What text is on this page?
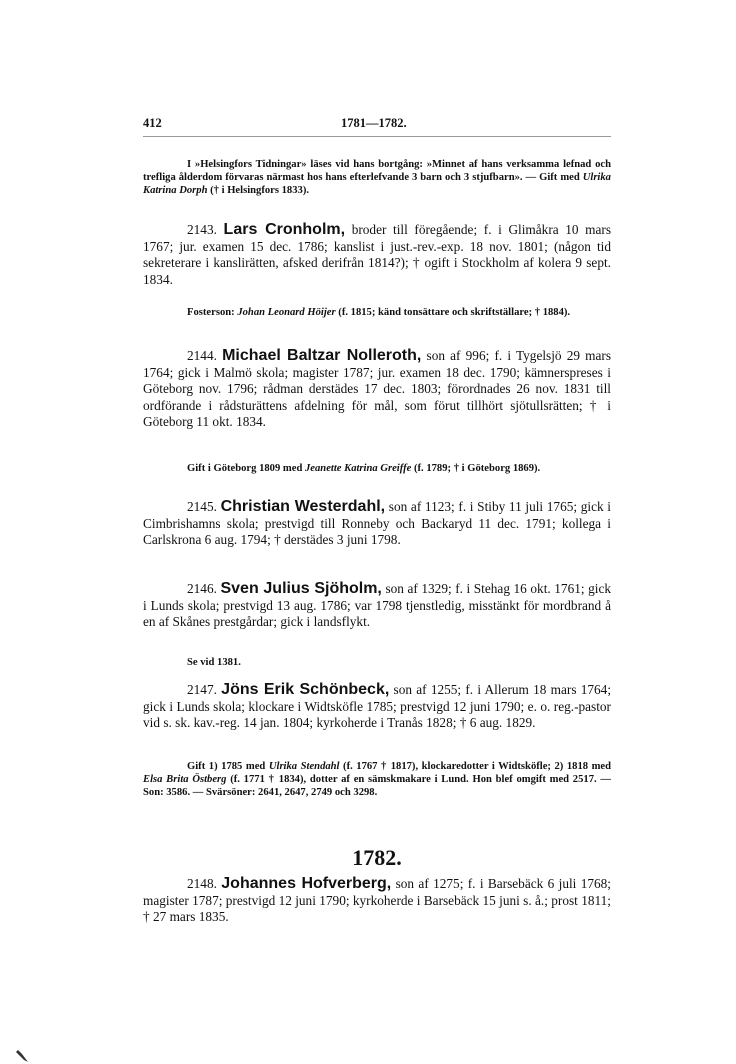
412	1781—1782.
I »Helsingfors Tidningar» läses vid hans bortgång: »Minnet af hans verksamma lefnad och trefliga ålderdom förvaras närmast hos hans efterlefvande 3 barn och 3 stjufbarn». — Gift med Ulrika Katrina Dorph († i Helsingfors 1833).
2143. Lars Cronholm, broder till föregående; f. i Glimåkra 10 mars 1767; jur. examen 15 dec. 1786; kanslist i just.-rev.-exp. 18 nov. 1801; (någon tid sekreterare i kanslirätten, afsked derifrån 1814?); † ogift i Stockholm af kolera 9 sept. 1834.
Fosterson: Johan Leonard Höijer (f. 1815; känd tonsättare och skriftställare; † 1884).
2144. Michael Baltzar Nolleroth, son af 996; f. i Tygelsjö 29 mars 1764; gick i Malmö skola; magister 1787; jur. examen 18 dec. 1790; kämnerspreses i Göteborg nov. 1796; rådman derstädes 17 dec. 1803; förordnades 26 nov. 1831 till ordförande i rådsturättens afdelning för mål, som förut tillhört sjötullsrätten; † i Göteborg 11 okt. 1834.
Gift i Göteborg 1809 med Jeanette Katrina Greiffe (f. 1789; † i Göteborg 1869).
2145. Christian Westerdahl, son af 1123; f. i Stiby 11 juli 1765; gick i Cimbrishamns skola; prestvigd till Ronneby och Backaryd 11 dec. 1791; kollega i Carlskrona 6 aug. 1794; † derstädes 3 juni 1798.
2146. Sven Julius Sjöholm, son af 1329; f. i Stehag 16 okt. 1761; gick i Lunds skola; prestvigd 13 aug. 1786; var 1798 tjenstledig, misstänkt för mordbrand å en af Skånes prestgårdar; gick i landsflykt.
Se vid 1381.
2147. Jöns Erik Schönbeck, son af 1255; f. i Allerum 18 mars 1764; gick i Lunds skola; klockare i Widtsköfle 1785; prestvigd 12 juni 1790; e. o. reg.-pastor vid s. sk. kav.-reg. 14 jan. 1804; kyrkoherde i Tranås 1828; † 6 aug. 1829.
Gift 1) 1785 med Ulrika Stendahl (f. 1767 † 1817), klockaredotter i Widtsköfle; 2) 1818 med Elsa Brita Östberg (f. 1771 † 1834), dotter af en sämskmakare i Lund. Hon blef omgift med 2517. — Son: 3586. — Svärsöner: 2641, 2647, 2749 och 3298.
1782.
2148. Johannes Hofverberg, son af 1275; f. i Barsebäck 6 juli 1768; magister 1787; prestvigd 12 juni 1790; kyrkoherde i Barsebäck 15 juni s. å.; prost 1811; † 27 mars 1835.
